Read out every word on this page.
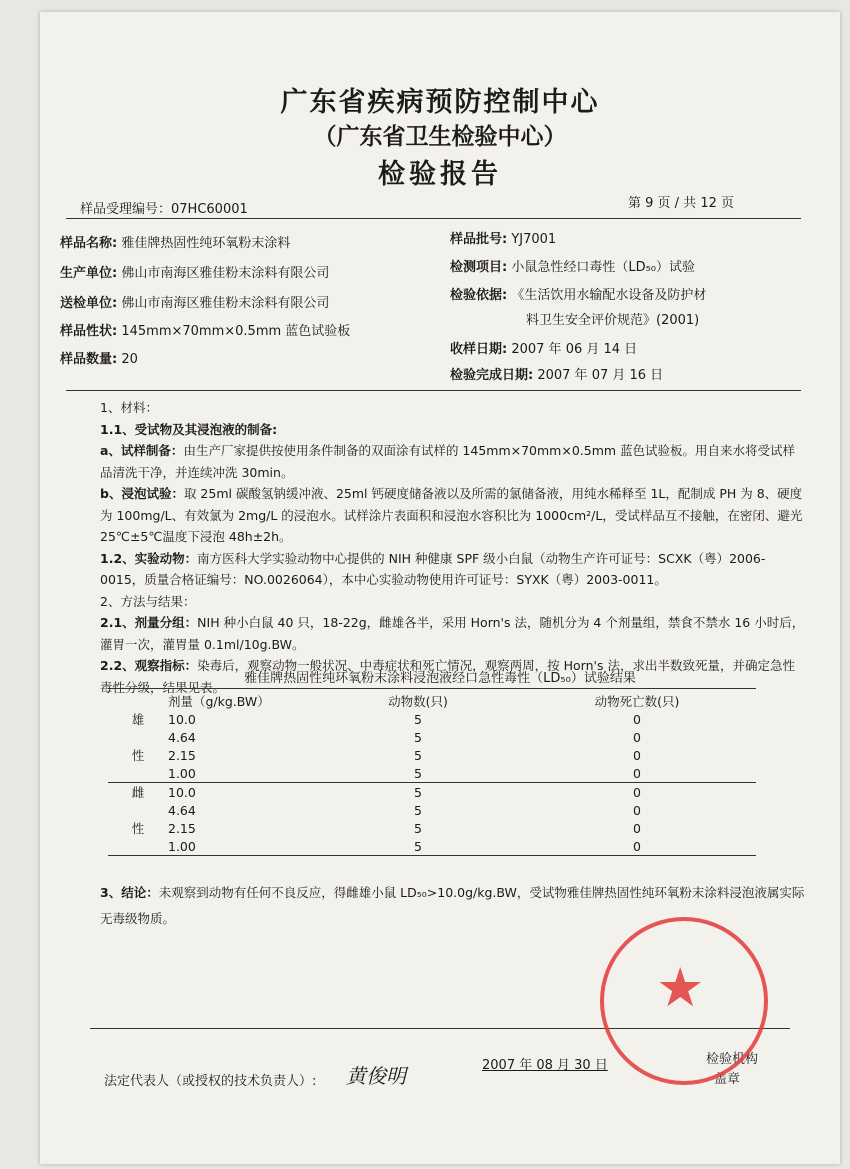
广东省疾病预防控制中心
（广东省卫生检验中心）
检验报告
样品受理编号：07HC60001	第 9 页 / 共 12 页
样品名称: 雅佳牌热固性纯环氧粉末涂料
生产单位: 佛山市南海区雅佳粉末涂料有限公司
送检单位: 佛山市南海区雅佳粉末涂料有限公司
样品性状: 145mm×70mm×0.5mm 蓝色试验板
样品数量: 20
样品批号: YJ7001
检测项目: 小鼠急性经口毒性（LD₅₀）试验
检验依据: 《生活饮用水输配水设备及防护材
料卫生安全评价规范》(2001)
收样日期: 2007 年 06 月 14 日
检验完成日期: 2007 年 07 月 16 日
1、材料：
1.1、受试物及其浸泡液的制备:
a、试样制备：由生产厂家提供按使用条件制备的双面涂有试样的 145mm×70mm×0.5mm 蓝色试验板。用自来水将受试样品清洗干净，并连续冲洗 30min。
b、浸泡试验：取 25ml 碳酸氢钠缓冲液、25ml 钙硬度储备液以及所需的氯储备液，用纯水稀释至 1L，配制成 PH 为 8、硬度为 100mg/L、有效氯为 2mg/L 的浸泡水。试样涂片表面积和浸泡水容积比为 1000cm²/L，受试样品互不接触，在密闭、避光 25℃±5℃温度下浸泡 48h±2h。
1.2、实验动物：南方医科大学实验动物中心提供的 NIH 种健康 SPF 级小白鼠（动物生产许可证号：SCXK（粤）2006-0015，质量合格证编号：NO.0026064），本中心实验动物使用许可证号：SYXK（粤）2003-0011。
2、方法与结果：
2.1、剂量分组：NIH 种小白鼠 40 只，18-22g，雌雄各半，采用 Horn's 法，随机分为 4 个剂量组，禁食不禁水 16 小时后，灌胃一次，灌胃量 0.1ml/10g.BW。
2.2、观察指标：染毒后，观察动物一般状况、中毒症状和死亡情况，观察两周，按 Horn's 法，求出半数致死量，并确定急性毒性分级，结果见表。
雅佳牌热固性纯环氧粉末涂料浸泡液经口急性毒性（LD₅₀）试验结果
	剂量（g/kg.BW）	动物数(只)	动物死亡数(只)
雄	10.0	5	0
	4.64	5	0
性	2.15	5	0
	1.00	5	0
雌	10.0	5	0
	4.64	5	0
性	2.15	5	0
	1.00	5	0
3、结论：未观察到动物有任何不良反应，得雌雄小鼠 LD₅₀>10.0g/kg.BW，受试物雅佳牌热固性纯环氧粉末涂料浸泡液属实际无毒级物质。
法定代表人（或授权的技术负责人）: 黄俊明	2007 年 08 月 30 日	检验机构
盖章
★
